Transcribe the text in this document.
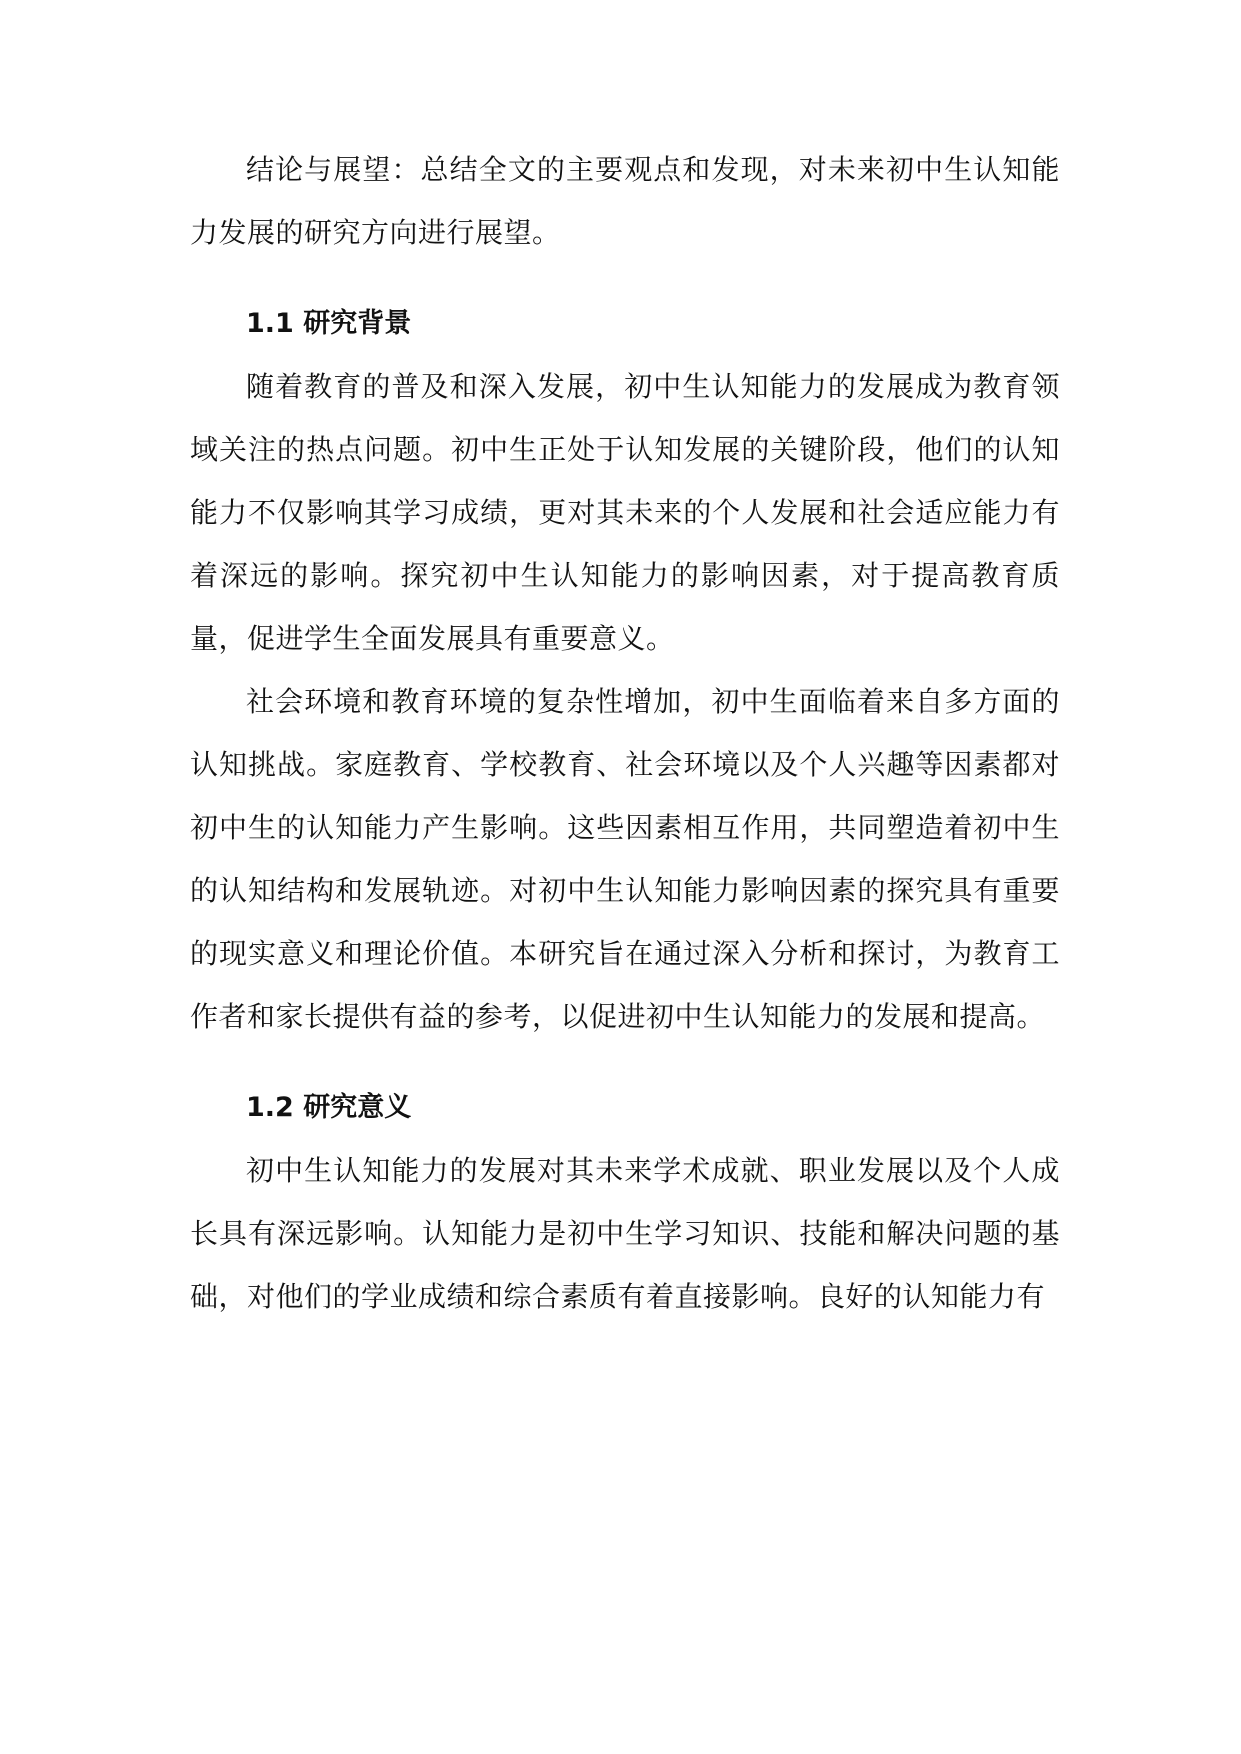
结论与展望：总结全文的主要观点和发现，对未来初中生认知能力发展的研究方向进行展望。

1.1 研究背景

随着教育的普及和深入发展，初中生认知能力的发展成为教育领域关注的热点问题。初中生正处于认知发展的关键阶段，他们的认知能力不仅影响其学习成绩，更对其未来的个人发展和社会适应能力有着深远的影响。探究初中生认知能力的影响因素，对于提高教育质量，促进学生全面发展具有重要意义。

社会环境和教育环境的复杂性增加，初中生面临着来自多方面的认知挑战。家庭教育、学校教育、社会环境以及个人兴趣等因素都对初中生的认知能力产生影响。这些因素相互作用，共同塑造着初中生的认知结构和发展轨迹。对初中生认知能力影响因素的探究具有重要的现实意义和理论价值。本研究旨在通过深入分析和探讨，为教育工作者和家长提供有益的参考，以促进初中生认知能力的发展和提高。

1.2 研究意义

初中生认知能力的发展对其未来学术成就、职业发展以及个人成长具有深远影响。认知能力是初中生学习知识、技能和解决问题的基础，对他们的学业成绩和综合素质有着直接影响。良好的认知能力有
